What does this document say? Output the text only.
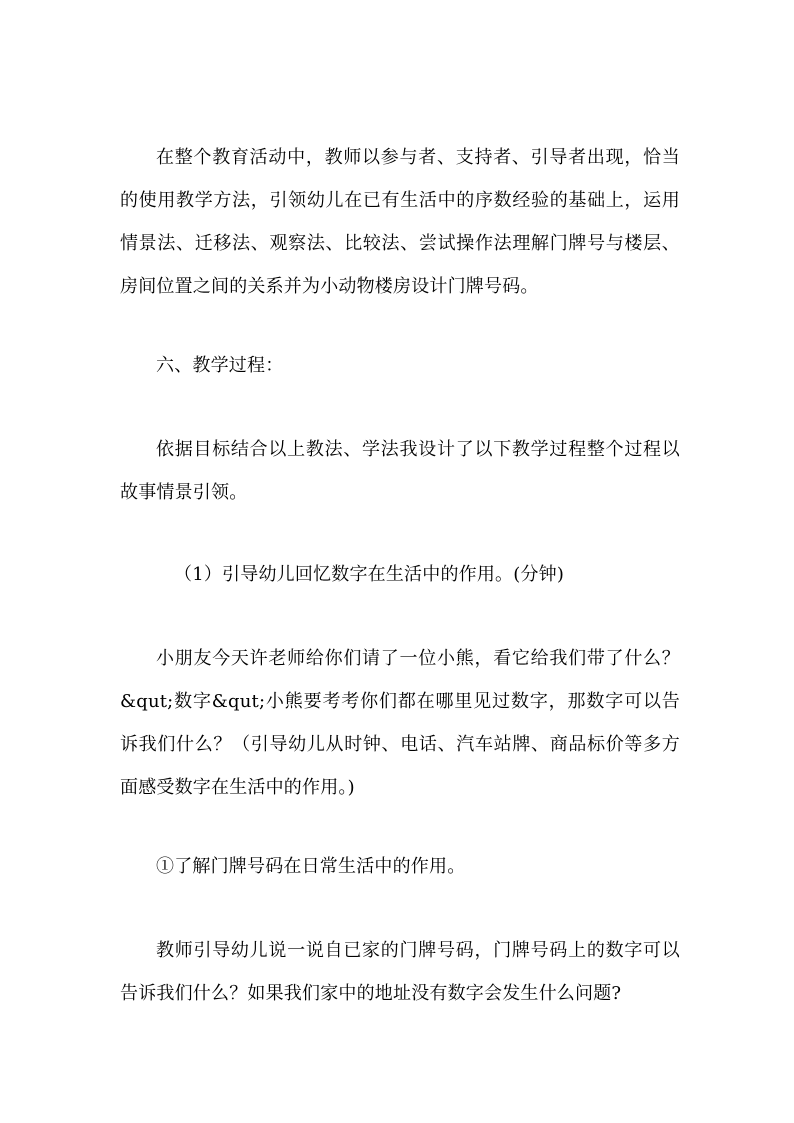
在整个教育活动中，教师以参与者、支持者、引导者出现，恰当的使用教学方法，引领幼儿在已有生活中的序数经验的基础上，运用情景法、迁移法、观察法、比较法、尝试操作法理解门牌号与楼层、房间位置之间的关系并为小动物楼房设计门牌号码。

六、教学过程：

依据目标结合以上教法、学法我设计了以下教学过程整个过程以故事情景引领。

（1）引导幼儿回忆数字在生活中的作用。(分钟)

小朋友今天许老师给你们请了一位小熊，看它给我们带了什么？&qut;数字&qut;小熊要考考你们都在哪里见过数字，那数字可以告诉我们什么？（引导幼儿从时钟、电话、汽车站牌、商品标价等多方面感受数字在生活中的作用。)

①了解门牌号码在日常生活中的作用。

教师引导幼儿说一说自已家的门牌号码，门牌号码上的数字可以告诉我们什么？如果我们家中的地址没有数字会发生什么问题?
